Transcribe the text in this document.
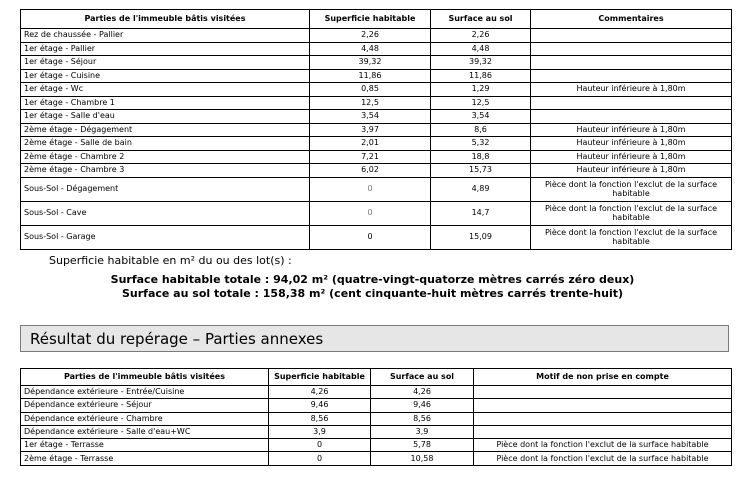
Parties de l'immeuble bâtis visitées	Superficie habitable	Surface au sol	Commentaires
Rez de chaussée - Pallier	2,26	2,26	
1er étage - Pallier	4,48	4,48	
1er étage - Séjour	39,32	39,32	
1er étage - Cuisine	11,86	11,86	
1er étage - Wc	0,85	1,29	Hauteur inférieure à 1,80m
1er étage - Chambre 1	12,5	12,5	
1er étage - Salle d'eau	3,54	3,54	
2ème étage - Dégagement	3,97	8,6	Hauteur inférieure à 1,80m
2ème étage - Salle de bain	2,01	5,32	Hauteur inférieure à 1,80m
2ème étage - Chambre 2	7,21	18,8	Hauteur inférieure à 1,80m
2ème étage - Chambre 3	6,02	15,73	Hauteur inférieure à 1,80m
Sous-Sol - Dégagement	0	4,89	Pièce dont la fonction l'exclut de la surface habitable
Sous-Sol - Cave	0	14,7	Pièce dont la fonction l'exclut de la surface habitable
Sous-Sol - Garage	0	15,09	Pièce dont la fonction l'exclut de la surface habitable
Superficie habitable en m² du ou des lot(s) :
Surface habitable totale : 94,02 m² (quatre-vingt-quatorze mètres carrés zéro deux)
Surface au sol totale : 158,38 m² (cent cinquante-huit mètres carrés trente-huit)
Résultat du repérage – Parties annexes
Parties de l'immeuble bâtis visitées	Superficie habitable	Surface au sol	Motif de non prise en compte
Dépendance extérieure - Entrée/Cuisine	4,26	4,26	
Dépendance extérieure - Séjour	9,46	9,46	
Dépendance extérieure - Chambre	8,56	8,56	
Dépendance extérieure - Salle d'eau+WC	3,9	3,9	
1er étage - Terrasse	0	5,78	Pièce dont la fonction l'exclut de la surface habitable
2ème étage - Terrasse	0	10,58	Pièce dont la fonction l'exclut de la surface habitable
